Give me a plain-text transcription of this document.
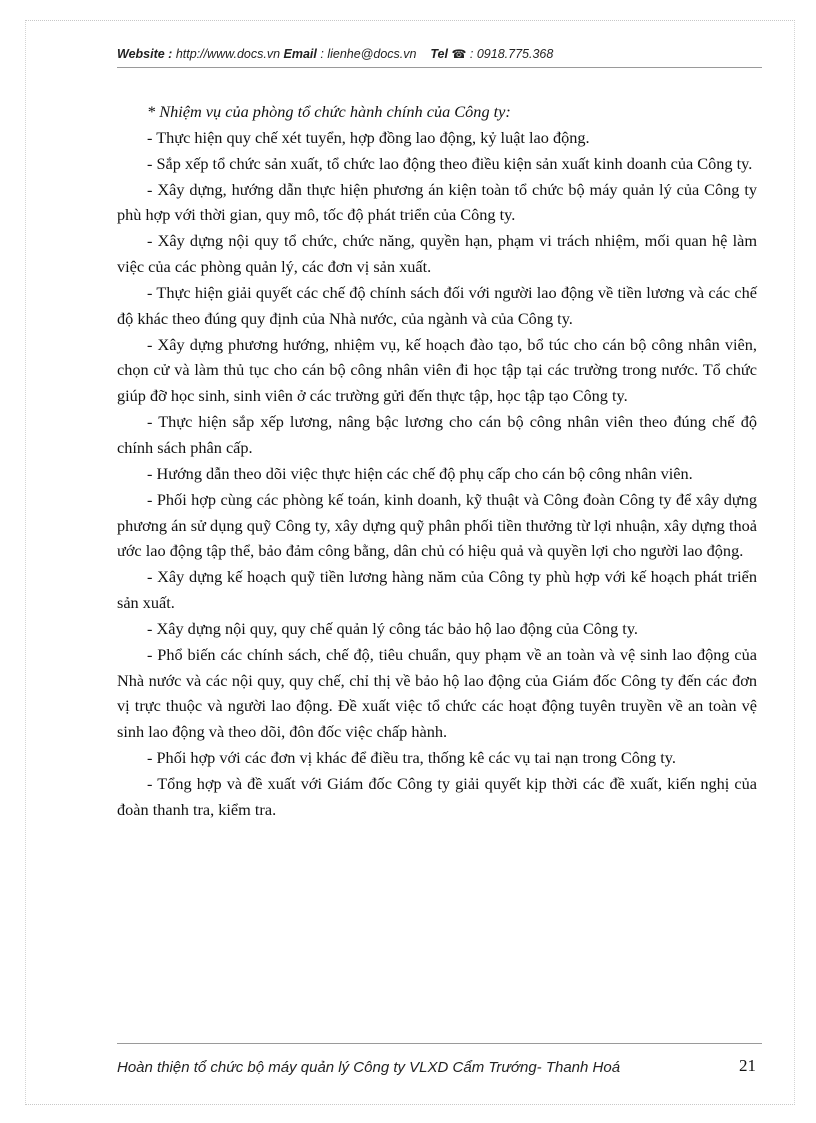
Website : http://www.docs.vn Email : lienhe@docs.vn Tel ☎ : 0918.775.368

* Nhiệm vụ của phòng tổ chức hành chính của Công ty:

- Thực hiện quy chế xét tuyển, hợp đồng lao động, kỷ luật lao động.

- Sắp xếp tổ chức sản xuất, tổ chức lao động theo điều kiện sản xuất kinh doanh của Công ty.

- Xây dựng, hướng dẫn thực hiện phương án kiện toàn tổ chức bộ máy quản lý của Công ty phù hợp với thời gian, quy mô, tốc độ phát triển của Công ty.

- Xây dựng nội quy tổ chức, chức năng, quyền hạn, phạm vi trách nhiệm, mối quan hệ làm việc của các phòng quản lý, các đơn vị sản xuất.

- Thực hiện giải quyết các chế độ chính sách đối với người lao động về tiền lương và các chế độ khác theo đúng quy định của Nhà nước, của ngành và của Công ty.

- Xây dựng phương hướng, nhiệm vụ, kế hoạch đào tạo, bổ túc cho cán bộ công nhân viên, chọn cử và làm thủ tục cho cán bộ công nhân viên đi học tập tại các trường trong nước. Tổ chức giúp đỡ học sinh, sinh viên ở các trường gửi đến thực tập, học tập tạo Công ty.

- Thực hiện sắp xếp lương, nâng bậc lương cho cán bộ công nhân viên theo đúng chế độ chính sách phân cấp.

- Hướng dẫn theo dõi việc thực hiện các chế độ phụ cấp cho cán bộ công nhân viên.

- Phối hợp cùng các phòng kế toán, kinh doanh, kỹ thuật và Công đoàn Công ty để xây dựng phương án sử dụng quỹ Công ty, xây dựng quỹ phân phối tiền thưởng từ lợi nhuận, xây dựng thoả ước lao động tập thể, bảo đảm công bằng, dân chủ có hiệu quả và quyền lợi cho người lao động.

- Xây dựng kế hoạch quỹ tiền lương hàng năm của Công ty phù hợp với kế hoạch phát triển sản xuất.

- Xây dựng nội quy, quy chế quản lý công tác bảo hộ lao động của Công ty.

- Phổ biến các chính sách, chế độ, tiêu chuẩn, quy phạm về an toàn và vệ sinh lao động của Nhà nước và các nội quy, quy chế, chỉ thị về bảo hộ lao động của Giám đốc Công ty đến các đơn vị trực thuộc và người lao động. Đề xuất việc tổ chức các hoạt động tuyên truyền về an toàn vệ sinh lao động và theo dõi, đôn đốc việc chấp hành.

- Phối hợp với các đơn vị khác để điều tra, thống kê các vụ tai nạn trong Công ty.

- Tổng hợp và đề xuất với Giám đốc Công ty giải quyết kịp thời các đề xuất, kiến nghị của đoàn thanh tra, kiểm tra.

Hoàn thiện tổ chức bộ máy quản lý Công ty VLXD Cẩm Trướng- Thanh Hoá	21
